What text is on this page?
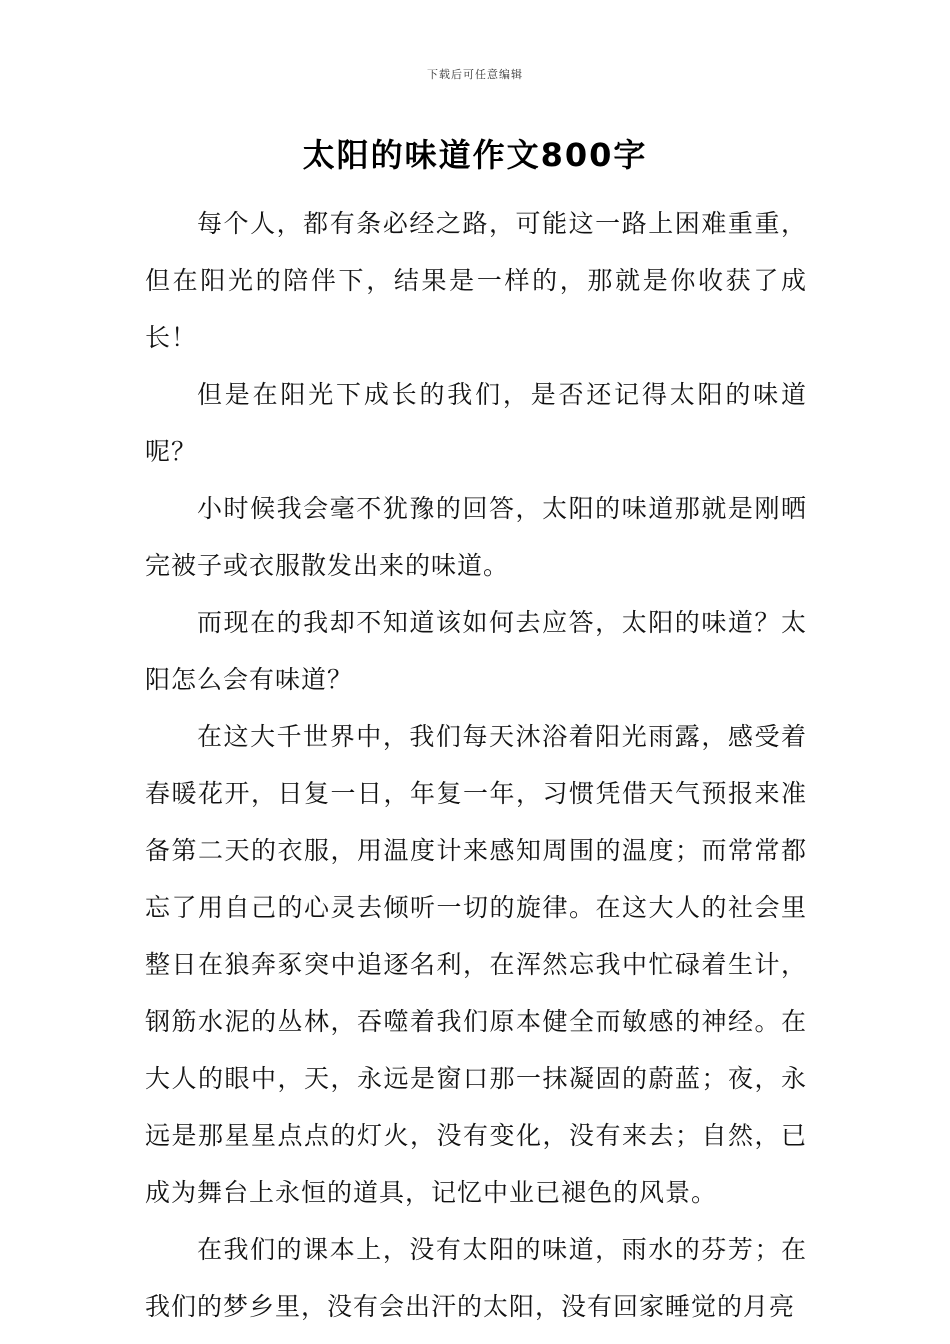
下载后可任意编辑
太阳的味道作文800字

每个人，都有条必经之路，可能这一路上困难重重，但在阳光的陪伴下，结果是一样的，那就是你收获了成长！

但是在阳光下成长的我们，是否还记得太阳的味道呢？

小时候我会毫不犹豫的回答，太阳的味道那就是刚晒完被子或衣服散发出来的味道。

而现在的我却不知道该如何去应答，太阳的味道？太阳怎么会有味道？

在这大千世界中，我们每天沐浴着阳光雨露，感受着春暖花开，日复一日，年复一年，习惯凭借天气预报来准备第二天的衣服，用温度计来感知周围的温度；而常常都忘了用自己的心灵去倾听一切的旋律。在这大人的社会里整日在狼奔豖突中追逐名利，在浑然忘我中忙碌着生计，钢筋水泥的丛林，吞噬着我们原本健全而敏感的神经。在大人的眼中，天，永远是窗口那一抹凝固的蔚蓝；夜，永远是那星星点点的灯火，没有变化，没有来去；自然，已成为舞台上永恒的道具，记忆中业已褪色的风景。

在我们的课本上，没有太阳的味道，雨水的芬芳；在我们的梦乡里，没有会出汗的太阳，没有回家睡觉的月亮
